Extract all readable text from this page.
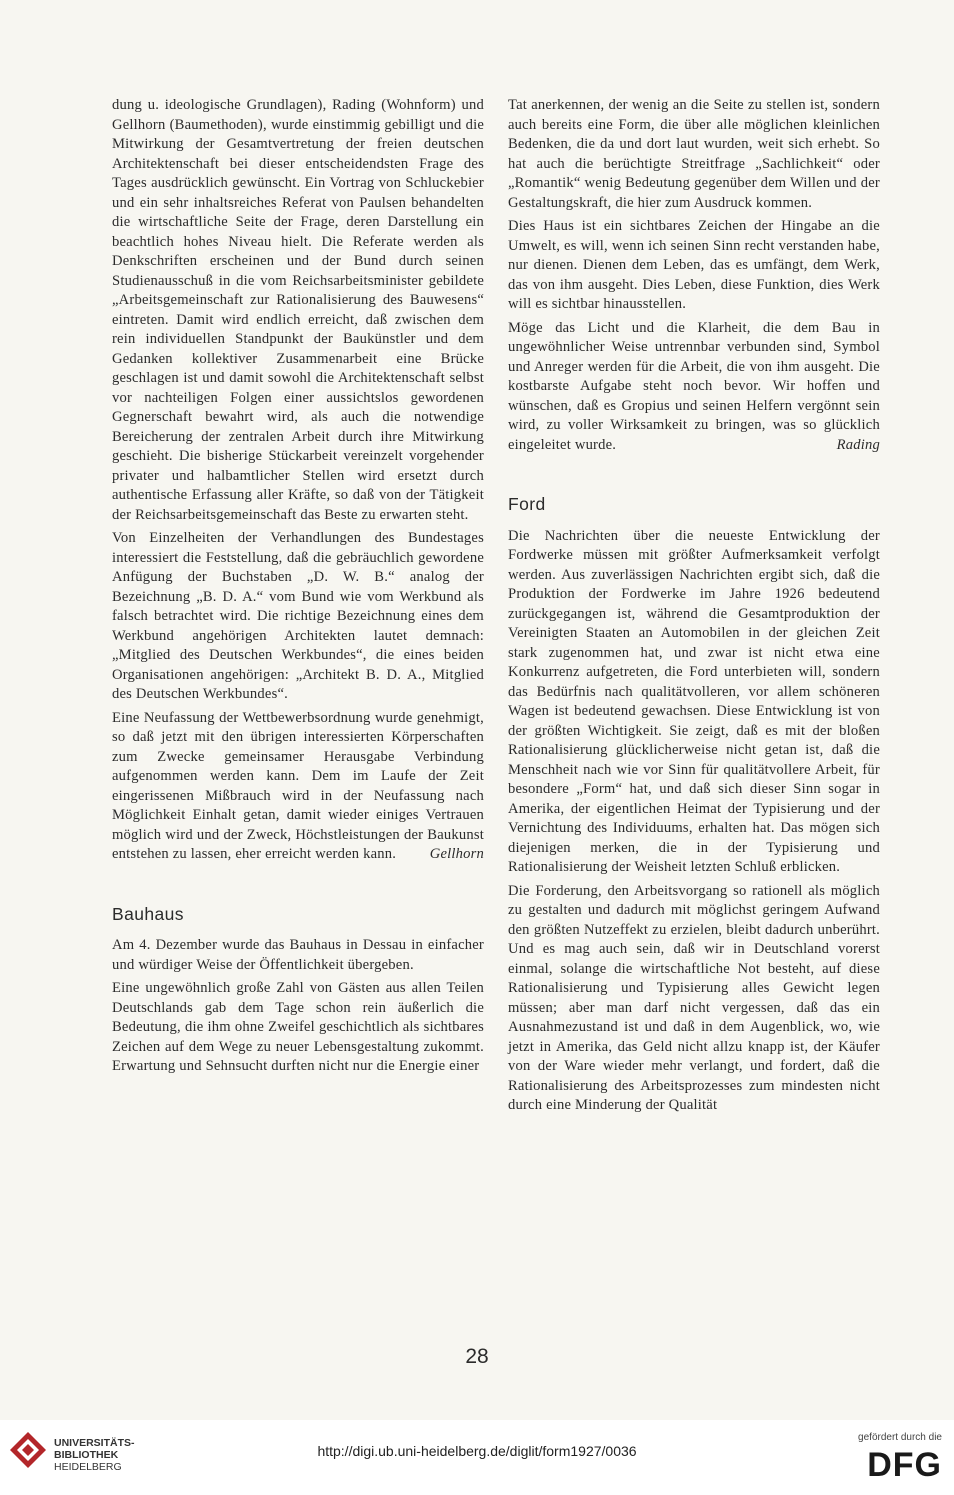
dung u. ideologische Grundlagen), Rading (Wohnform) und Gellhorn (Baumethoden), wurde einstimmig gebilligt und die Mitwirkung der Gesamtvertretung der freien deutschen Architektenschaft bei dieser entscheidendsten Frage des Tages ausdrücklich gewünscht. Ein Vortrag von Schluckebier und ein sehr inhaltsreiches Referat von Paulsen behandelten die wirtschaftliche Seite der Frage, deren Darstellung ein beachtlich hohes Niveau hielt. Die Referate werden als Denkschriften erscheinen und der Bund durch seinen Studienausschuß in die vom Reichsarbeitsminister gebildete „Arbeitsgemeinschaft zur Rationalisierung des Bauwesens“ eintreten. Damit wird endlich erreicht, daß zwischen dem rein individuellen Standpunkt der Baukünstler und dem Gedanken kollektiver Zusammenarbeit eine Brücke geschlagen ist und damit sowohl die Architektenschaft selbst vor nachteiligen Folgen einer aussichtslos gewordenen Gegnerschaft bewahrt wird, als auch die notwendige Bereicherung der zentralen Arbeit durch ihre Mitwirkung geschieht. Die bisherige Stückarbeit vereinzelt vorgehender privater und halbamtlicher Stellen wird ersetzt durch authentische Erfassung aller Kräfte, so daß von der Tätigkeit der Reichsarbeitsgemeinschaft das Beste zu erwarten steht.

Von Einzelheiten der Verhandlungen des Bundestages interessiert die Feststellung, daß die gebräuchlich gewordene Anfügung der Buchstaben „D. W. B.“ analog der Bezeichnung „B. D. A.“ vom Bund wie vom Werkbund als falsch betrachtet wird. Die richtige Bezeichnung eines dem Werkbund angehörigen Architekten lautet demnach: „Mitglied des Deutschen Werkbundes“, die eines beiden Organisationen angehörigen: „Architekt B. D. A., Mitglied des Deutschen Werkbundes“.

Eine Neufassung der Wettbewerbsordnung wurde genehmigt, so daß jetzt mit den übrigen interessierten Körperschaften zum Zwecke gemeinsamer Herausgabe Verbindung aufgenommen werden kann. Dem im Laufe der Zeit eingerissenen Mißbrauch wird in der Neufassung nach Möglichkeit Einhalt getan, damit wieder einiges Vertrauen möglich wird und der Zweck, Höchstleistungen der Baukunst entstehen zu lassen, eher erreicht werden kann.	Gellhorn

Bauhaus

Am 4. Dezember wurde das Bauhaus in Dessau in einfacher und würdiger Weise der Öffentlichkeit übergeben.

Eine ungewöhnlich große Zahl von Gästen aus allen Teilen Deutschlands gab dem Tage schon rein äußerlich die Bedeutung, die ihm ohne Zweifel geschichtlich als sichtbares Zeichen auf dem Wege zu neuer Lebensgestaltung zukommt. Erwartung und Sehnsucht durften nicht nur die Energie einer

Tat anerkennen, der wenig an die Seite zu stellen ist, sondern auch bereits eine Form, die über alle möglichen kleinlichen Bedenken, die da und dort laut wurden, weit sich erhebt. So hat auch die berüchtigte Streitfrage „Sachlichkeit“ oder „Romantik“ wenig Bedeutung gegenüber dem Willen und der Gestaltungskraft, die hier zum Ausdruck kommen.

Dies Haus ist ein sichtbares Zeichen der Hingabe an die Umwelt, es will, wenn ich seinen Sinn recht verstanden habe, nur dienen. Dienen dem Leben, das es umfängt, dem Werk, das von ihm ausgeht. Dies Leben, diese Funktion, dies Werk will es sichtbar hinausstellen.

Möge das Licht und die Klarheit, die dem Bau in ungewöhnlicher Weise untrennbar verbunden sind, Symbol und Anreger werden für die Arbeit, die von ihm ausgeht. Die kostbarste Aufgabe steht noch bevor. Wir hoffen und wünschen, daß es Gropius und seinen Helfern vergönnt sein wird, zu voller Wirksamkeit zu bringen, was so glücklich eingeleitet wurde.	Rading

Ford

Die Nachrichten über die neueste Entwicklung der Fordwerke müssen mit größter Aufmerksamkeit verfolgt werden. Aus zuverlässigen Nachrichten ergibt sich, daß die Produktion der Fordwerke im Jahre 1926 bedeutend zurückgegangen ist, während die Gesamtproduktion der Vereinigten Staaten an Automobilen in der gleichen Zeit stark zugenommen hat, und zwar ist nicht etwa eine Konkurrenz aufgetreten, die Ford unterbieten will, sondern das Bedürfnis nach qualitätvolleren, vor allem schöneren Wagen ist bedeutend gewachsen. Diese Entwicklung ist von der größten Wichtigkeit. Sie zeigt, daß es mit der bloßen Rationalisierung glücklicherweise nicht getan ist, daß die Menschheit nach wie vor Sinn für qualitätvollere Arbeit, für besondere „Form“ hat, und daß sich dieser Sinn sogar in Amerika, der eigentlichen Heimat der Typisierung und der Vernichtung des Individuums, erhalten hat. Das mögen sich diejenigen merken, die in der Typisierung und Rationalisierung der Weisheit letzten Schluß erblicken.

Die Forderung, den Arbeitsvorgang so rationell als möglich zu gestalten und dadurch mit möglichst geringem Aufwand den größten Nutzeffekt zu erzielen, bleibt dadurch unberührt. Und es mag auch sein, daß wir in Deutschland vorerst einmal, solange die wirtschaftliche Not besteht, auf diese Rationalisierung und Typisierung alles Gewicht legen müssen; aber man darf nicht vergessen, daß das ein Ausnahmezustand ist und daß in dem Augenblick, wo, wie jetzt in Amerika, das Geld nicht allzu knapp ist, der Käufer von der Ware wieder mehr verlangt, und fordert, daß die Rationalisierung des Arbeitsprozesses zum mindesten nicht durch eine Minderung der Qualität

28
UNIVERSITÄTS-
BIBLIOTHEK
HEIDELBERG
http://digi.ub.uni-heidelberg.de/diglit/form1927/0036
gefördert durch die
DFG
